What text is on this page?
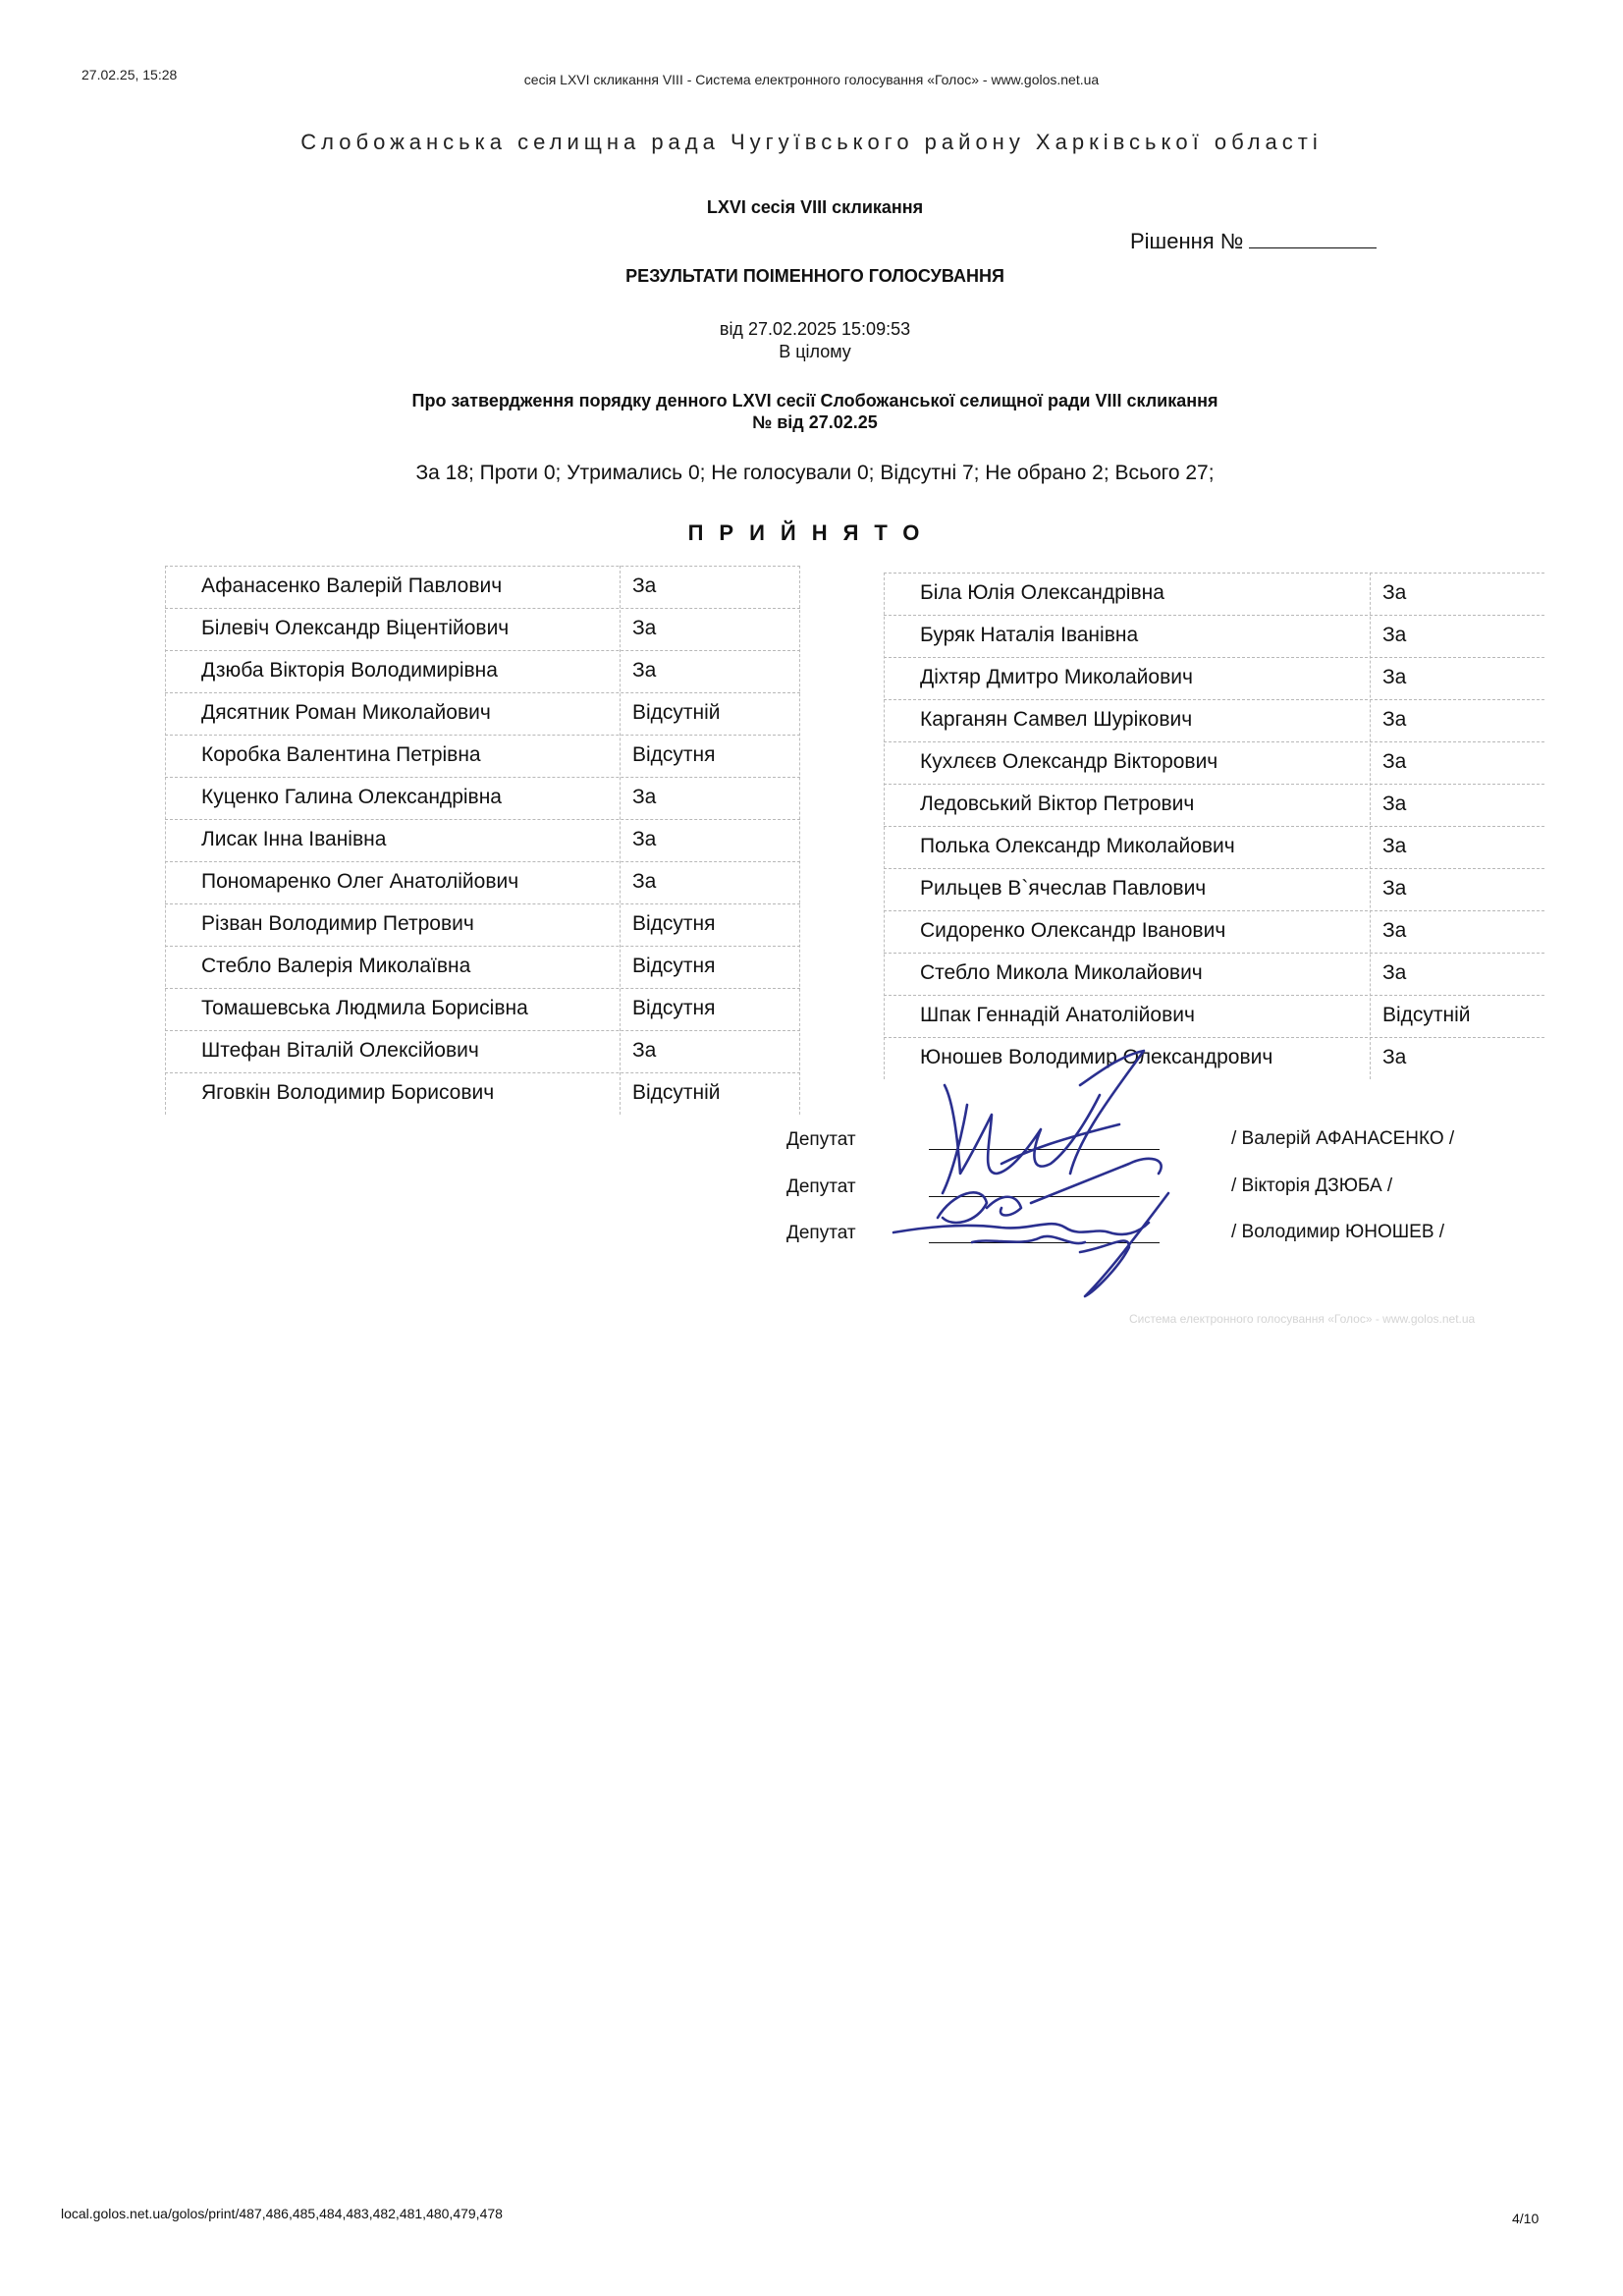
27.02.25, 15:28	сесія LXVI скликання VIII - Система електронного голосування «Голос» - www.golos.net.ua
Слобожанська селищна рада Чугуївського району Харківської області
LXVI сесія VIII скликання
Рішення №
РЕЗУЛЬТАТИ ПОІМЕННОГО ГОЛОСУВАННЯ
від 27.02.2025 15:09:53
В цілому
Про затвердження порядку денного LXVI сесії Слобожанської селищної ради VIII скликання
№ від 27.02.25
За 18; Проти 0; Утримались 0; Не голосували 0; Відсутні 7; Не обрано 2; Всього 27;
ПРИЙНЯТО
Афанасенко Валерій Павлович	За
Білевіч Олександр Віцентійович	За
Дзюба Вікторія Володимирівна	За
Дясятник Роман Миколайович	Відсутній
Коробка Валентина Петрівна	Відсутня
Куценко Галина Олександрівна	За
Лисак Інна Іванівна	За
Пономаренко Олег Анатолійович	За
Різван Володимир Петрович	Відсутня
Стебло Валерія Миколаївна	Відсутня
Томашевська Людмила Борисівна	Відсутня
Штефан Віталій Олексійович	За
Яговкін Володимир Борисович	Відсутній
Біла Юлія Олександрівна	За
Буряк Наталія Іванівна	За
Діхтяр Дмитро Миколайович	За
Карганян Самвел Шурікович	За
Кухлєєв Олександр Вікторович	За
Ледовський Віктор Петрович	За
Полька Олександр Миколайович	За
Рильцев В`ячеслав Павлович	За
Сидоренко Олександр Іванович	За
Стебло Микола Миколайович	За
Шпак Геннадій Анатолійович	Відсутній
Юношев Володимир Олександрович	За
Депутат	/ Валерій АФАНАСЕНКО /
Депутат	/ Вікторія ДЗЮБА /
Депутат	/ Володимир ЮНОШЕВ /
Система електронного голосування «Голос» - www.golos.net.ua
local.golos.net.ua/golos/print/487,486,485,484,483,482,481,480,479,478	4/10
